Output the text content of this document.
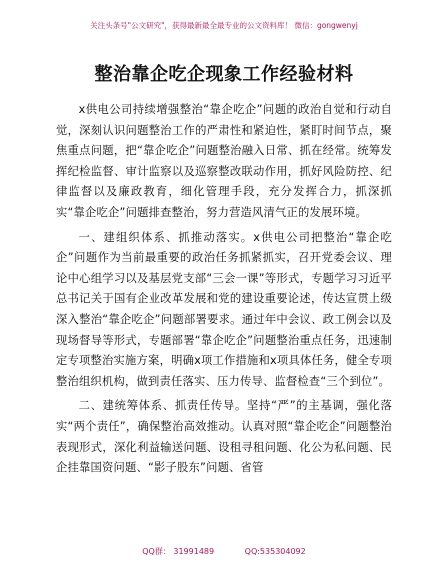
关注头条号"公文研究"，获得最新最全最专业的公文资料库！ 微信：gongwenyj
整治靠企吃企现象工作经验材料

x供电公司持续增强整治“靠企吃企”问题的政治自觉和行动自觉，深刻认识问题整治工作的严肃性和紧迫性，紧盯时间节点，聚焦重点问题，把“靠企吃企”问题整治融入日常、抓在经常。统筹发挥纪检监督、审计监察以及巡察整改联动作用，抓好风险防控、纪律监督以及廉政教育，细化管理手段，充分发挥合力，抓深抓实“靠企吃企”问题排查整治，努力营造风清气正的发展环境。

一、建组织体系、抓推动落实。x供电公司把整治“靠企吃企”问题作为当前最重要的政治任务抓紧抓实，召开党委会议、理论中心组学习以及基层党支部“三会一课”等形式，专题学习习近平总书记关于国有企业改革发展和党的建设重要论述，传达宣贯上级深入整治“靠企吃企”问题部署要求。通过年中会议、政工例会以及现场督导等形式，专题部署“靠企吃企”问题整治重点任务，迅速制定专项整治实施方案，明确x项工作措施和x项具体任务，健全专项整治组织机构，做到责任落实、压力传导、监督检查“三个到位”。

二、建统筹体系、抓责任传导。坚持“严”的主基调，强化落实“两个责任”，确保整治高效推动。认真对照“靠企吃企”问题整治表现形式，深化利益输送问题、设租寻租问题、化公为私问题、民企挂靠国资问题、“影子股东”问题、省管

QQ群： 31991489	QQ:535304092
